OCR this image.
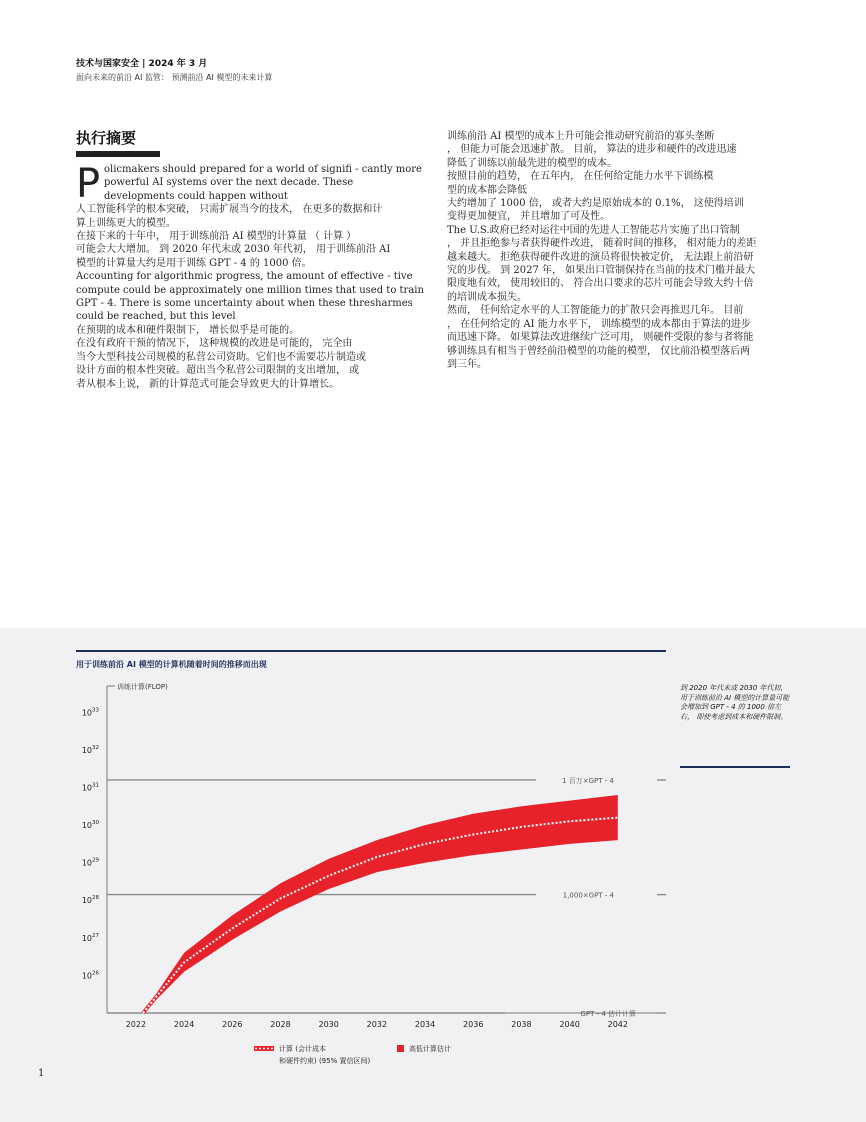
技术与国家安全 | 2024 年 3 月
面向未来的前沿 AI 监管： 预测前沿 AI 模型的未来计算
执行摘要
P olicmakers should prepared for a world of signifi - cantly more

powerful AI systems over the next decade. These

developments could happen without

人工智能科学的根本突破， 只需扩展当今的技术， 在更多的数据和计

算上训练更大的模型。

在接下来的十年中， 用于训练前沿 AI 模型的计算量 （ 计算 ）

可能会大大增加。 到 2020 年代末或 2030 年代初， 用于训练前沿 AI

模型的计算量大约是用于训练 GPT - 4 的 1000 倍。

Accounting for algorithmic progress, the amount of effective - tive

compute could be approximately one million times that used to train

GPT - 4. There is some uncertainty about when these thresharmes

could be reached, but this level

在预期的成本和硬件限制下， 增长似乎是可能的。

在没有政府干预的情况下， 这种规模的改进是可能的， 完全由

当今大型科技公司规模的私营公司资助。它们也不需要芯片制造或

设计方面的根本性突破。超出当今私营公司限制的支出增加， 或

者从根本上说， 新的计算范式可能会导致更大的计算增长。

训练前沿 AI 模型的成本上升可能会推动研究前沿的寡头垄断

， 但能力可能会迅速扩散。 目前， 算法的进步和硬件的改进迅速

降低了训练以前最先进的模型的成本。

按照目前的趋势， 在五年内， 在任何给定能力水平下训练模

型的成本都会降低

大约增加了 1000 倍， 或者大约是原始成本的 0.1%， 这使得培训

变得更加便宜， 并且增加了可及性。

The U.S.政府已经对运往中国的先进人工智能芯片实施了出口管制

， 并且拒绝参与者获得硬件改进， 随着时间的推移， 相对能力的差距

越来越大。 拒绝获得硬件改进的演员将很快被定价， 无法跟上前沿研

究的步伐。 到 2027 年， 如果出口管制保持在当前的技术门槛并最大

限度地有效， 使用较旧的、 符合出口要求的芯片可能会导致大约十倍

的培训成本损失。

然而， 任何给定水平的人工智能能力的扩散只会再推迟几年。 目前

， 在任何给定的 AI 能力水平下， 训练模型的成本都由于算法的进步

而迅速下降。 如果算法改进继续广泛可用， 则硬件受限的参与者将能

够训练具有相当于曾经前沿模型的功能的模型， 仅比前沿模型落后两

到三年。

用于训练前沿 AI 模型的计算机随着时间的推移而出现
到 2020 年代末或 2030 年代初， 用于训练前沿 AI 模型的计算量可能会增加到 GPT - 4 的 1000 倍左右， 即使考虑到成本和硬件限制。
训练计算(FLOP)
$10^{33}$
$10^{32}$
$10^{31}$
$10^{30}$
$10^{29}$
$10^{28}$
$10^{27}$
$10^{26}$
2022	2024	2026	2028	2030	2032	2034	2036	2038	2040	2042
1 百万×GPT - 4
1,000×GPT - 4
GPT - 4 估计计算
计算 (会计成本
和硬件约束) (95% 置信区间)
高低计算估计
1
